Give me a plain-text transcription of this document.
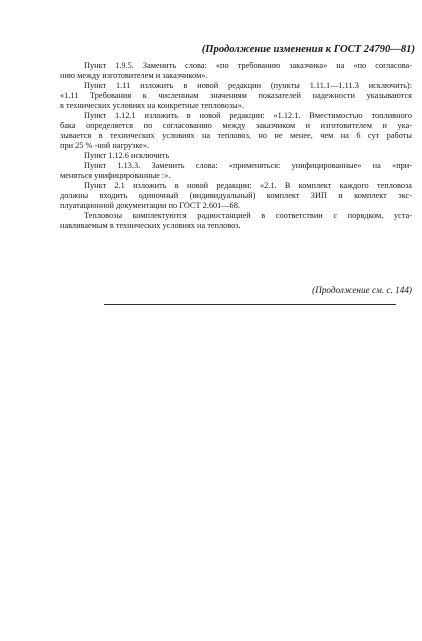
(Продолжение изменения к ГОСТ 24790—81)
Пункт 1.9.5. Заменить слова: «по требованию заказчика» на «по согласова-
нию между изготовителем и заказчиком».
Пункт 1.11 изложить в новой редакции (пункты 1.11.1—1.11.3 исключить):
«1.11 Требования к численным значениям показателей надежности указываются
в технических условиях на конкретные тепловозы».
Пункт 1.12.1 изложить в новой редакции: «1.12.1. Вместимостью топливного
бака определяется по согласованию между заказчиком и изготовителем и ука-
зывается в технических условиях на тепловоз, но не менее, чем на 6 сут работы
при 25 % -ной нагрузке».
Пункт 1.12.6 исключить
Пункт 1.13.3. Заменить слова: «применяться: унифицированные» на «при-
меняться унифицированные :».
Пункт 2.1 изложить в новой редакции: «2.1. В комплект каждого тепловоза
должны входить одиночный (индивидуальный) комплект ЗИП и комплект экс-
плуатационной документации по ГОСТ 2.601—68.
Тепловозы комплектуются радиостанцией в соответствии с порядком, уста-
навливаемым в технических условиях на тепловоз.
(Продолжение см. с. 144)
